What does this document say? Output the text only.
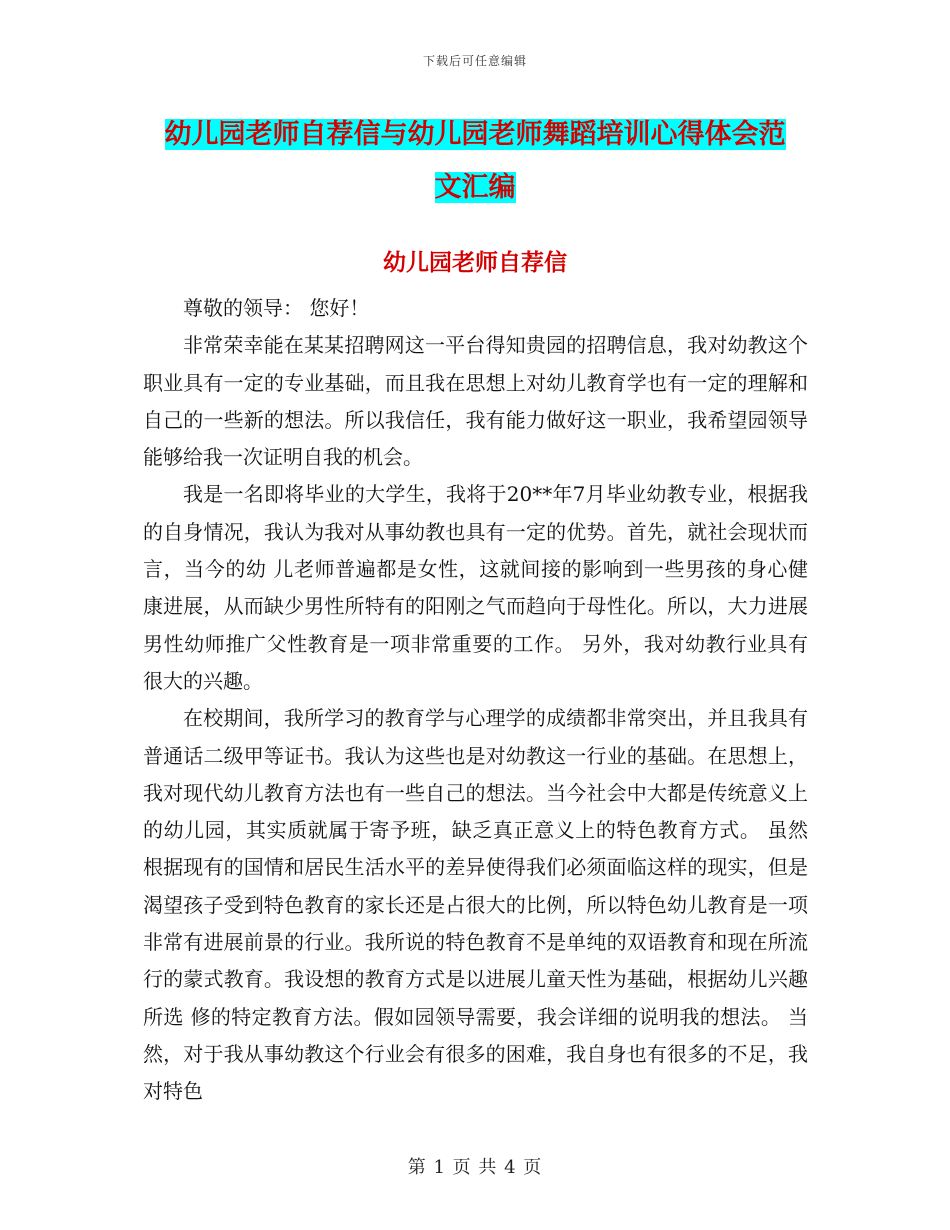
下载后可任意编辑
幼儿园老师自荐信与幼儿园老师舞蹈培训心得体会范
文汇编
幼儿园老师自荐信

尊敬的领导： 您好！

非常荣幸能在某某招聘网这一平台得知贵园的招聘信息，我对幼教这个职业具有一定的专业基础，而且我在思想上对幼儿教育学也有一定的理解和自己的一些新的想法。所以我信任，我有能力做好这一职业，我希望园领导能够给我一次证明自我的机会。

我是一名即将毕业的大学生，我将于20**年7月毕业幼教专业，根据我的自身情况，我认为我对从事幼教也具有一定的优势。首先，就社会现状而言，当今的幼 儿老师普遍都是女性，这就间接的影响到一些男孩的身心健康进展，从而缺少男性所特有的阳刚之气而趋向于母性化。所以，大力进展男性幼师推广父性教育是一项非常重要的工作。 另外，我对幼教行业具有很大的兴趣。

在校期间，我所学习的教育学与心理学的成绩都非常突出，并且我具有普通话二级甲等证书。我认为这些也是对幼教这一行业的基础。在思想上，我对现代幼儿教育方法也有一些自己的想法。当今社会中大都是传统意义上的幼儿园，其实质就属于寄予班，缺乏真正意义上的特色教育方式。 虽然根据现有的国情和居民生活水平的差异使得我们必须面临这样的现实，但是渴望孩子受到特色教育的家长还是占很大的比例，所以特色幼儿教育是一项非常有进展前景的行业。我所说的特色教育不是单纯的双语教育和现在所流行的蒙式教育。我设想的教育方式是以进展儿童天性为基础，根据幼儿兴趣所选 修的特定教育方法。假如园领导需要，我会详细的说明我的想法。 当然，对于我从事幼教这个行业会有很多的困难，我自身也有很多的不足，我对特色

第 1 页 共 4 页
